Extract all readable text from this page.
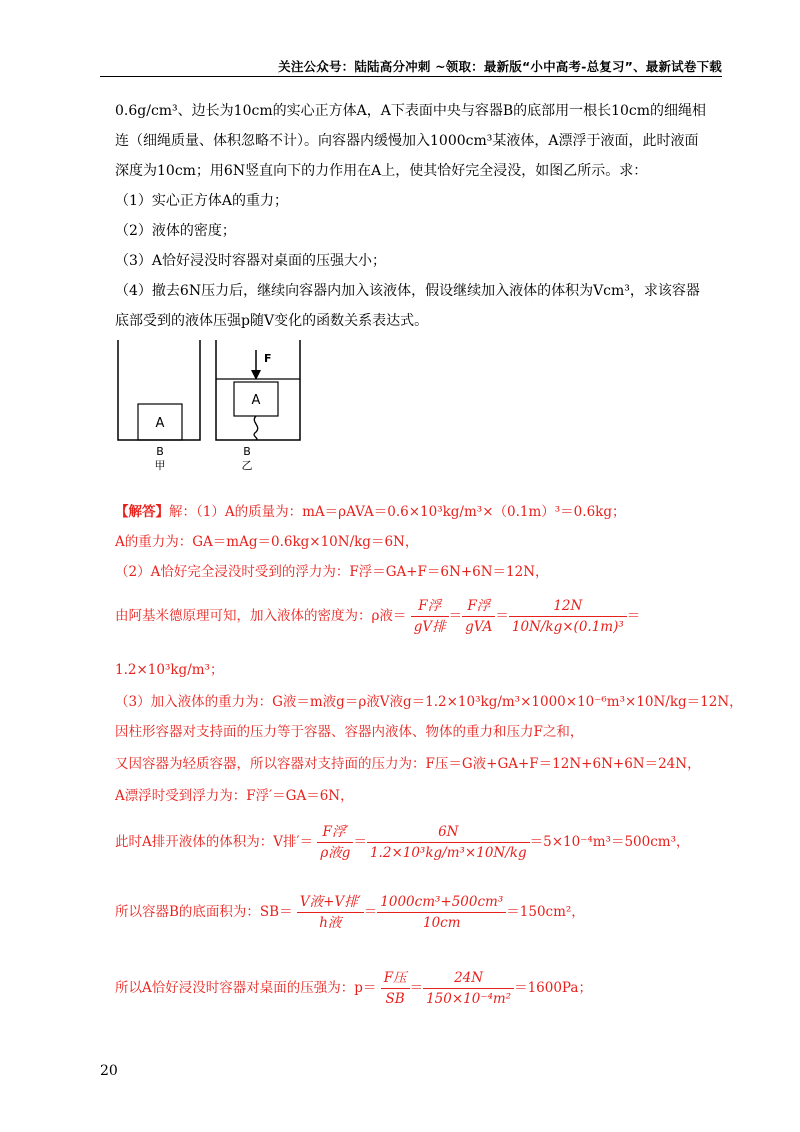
关注公众号：陆陆高分冲刺 ~领取：最新版“小中高考-总复习”、最新试卷下载
0.6g/cm³、边长为10cm的实心正方体A，A下表面中央与容器B的底部用一根长10cm的细绳相
连（细绳质量、体积忽略不计）。向容器内缓慢加入1000cm³某液体，A漂浮于液面，此时液面
深度为10cm；用6N竖直向下的力作用在A上，使其恰好完全浸没，如图乙所示。求：
（1）实心正方体A的重力；
（2）液体的密度；
（3）A恰好浸没时容器对桌面的压强大小；
（4）撤去6N压力后，继续向容器内加入该液体，假设继续加入液体的体积为Vcm³，求该容器
底部受到的液体压强p随V变化的函数关系表达式。
A
B
甲
A
F
B
乙
【解答】解：（1）A的质量为：mA＝ρAVA＝0.6×10³kg/m³×（0.1m）³＝0.6kg；
A的重力为：GA＝mAg＝0.6kg×10N/kg＝6N，
（2）A恰好完全浸没时受到的浮力为：F浮＝GA+F＝6N+6N＝12N，
由阿基米德原理可知，加入液体的密度为：ρ液＝ $\frac{\text{F浮}}{\text{gV排}} = \frac{\text{F浮}}{\text{gVA}} = \frac{12N}{\text{10N/kg×(0.1m)³}}$ ＝
1.2×10³kg/m³；
（3）加入液体的重力为：G液＝m液g＝ρ液V液g＝1.2×10³kg/m³×1000×10⁻⁶m³×10N/kg＝12N，
因柱形容器对支持面的压力等于容器、容器内液体、物体的重力和压力F之和，
又因容器为轻质容器，所以容器对支持面的压力为：F压＝G液+GA+F＝12N+6N+6N＝24N，
A漂浮时受到浮力为：F浮′＝GA＝6N，
此时A排开液体的体积为：V排′＝ $\frac{\text{F浮′}}{\text{ρ液g}} = \frac{6N}{\text{1.2×10³kg/m³×10N/kg}} =5\times 10^{-4}m^3=500cm^3$，
所以容器B的底面积为：$SB= \frac{\text{V液+V排′}}{\text{h液}} = \frac{\text{1000cm³+500cm³}}{10cm} =150cm^2$，
所以A恰好浸没时容器对桌面的压强为：$p= \frac{\text{F压}}{SB} = \frac{24N}{\text{150×10⁻⁴m²}} =1600Pa$；
20
